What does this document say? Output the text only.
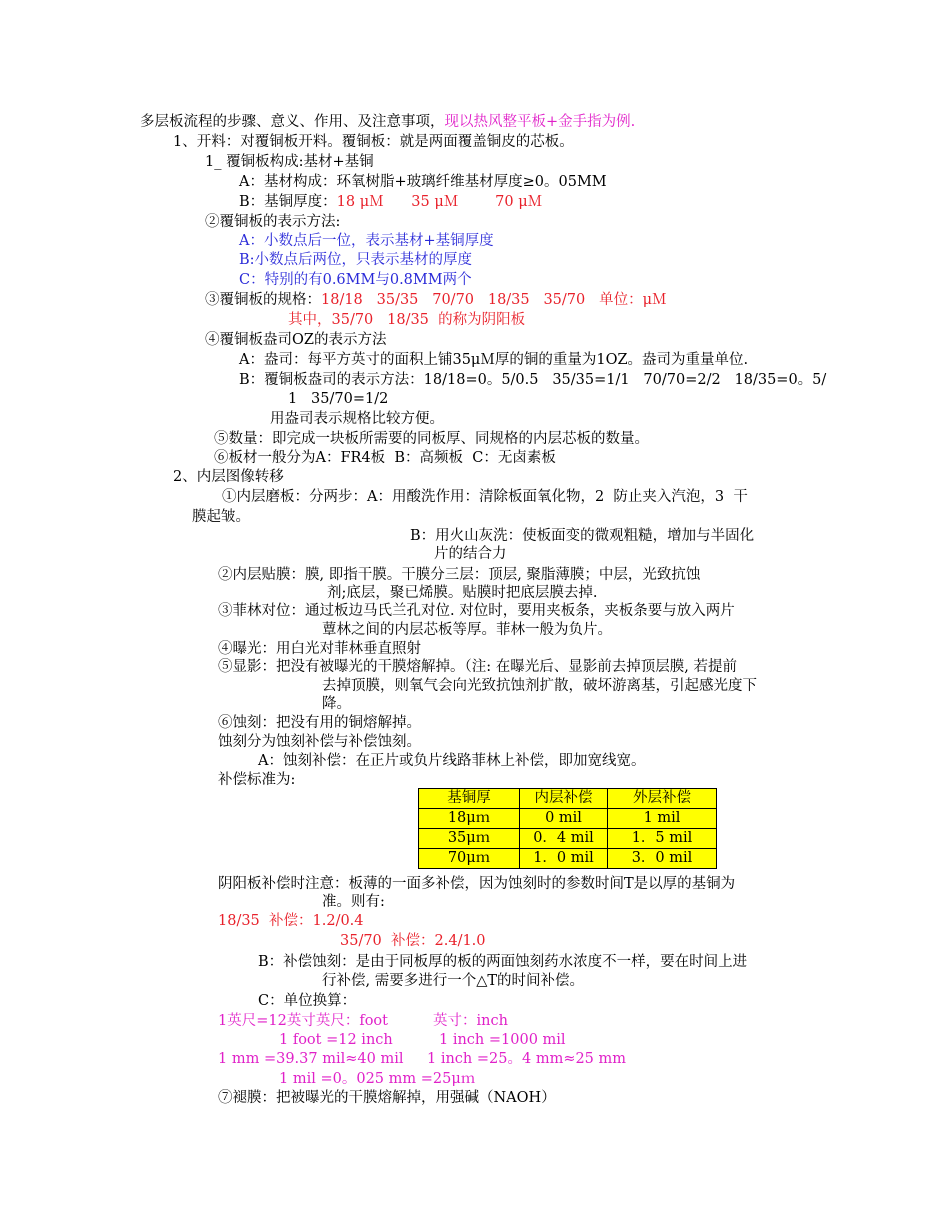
多层板流程的步骤、意义、作用、及注意事项，现以热风整平板+金手指为例.
1、开料：对覆铜板开料。覆铜板：就是两面覆盖铜皮的芯板。
1_ 覆铜板构成:基材+基铜
A：基材构成：环氧树脂+玻璃纤维基材厚度≥0。05MM
B：基铜厚度：18 μＭ      35 μＭ        70 μＭ
②覆铜板的表示方法:
A：小数点后一位，表示基材+基铜厚度
B:小数点后两位，只表示基材的厚度
C：特别的有0.6MM与0.8MM两个
③覆铜板的规格：18/18   35/35   70/70   18/35   35/70   单位：μＭ
其中，35/70   18/35  的称为阴阳板
④覆铜板盎司OZ的表示方法
A：盎司：每平方英寸的面积上铺35μＭ厚的铜的重量为1OZ。盎司为重量单位.
B：覆铜板盎司的表示方法：18/18=0。5/0.5   35/35=1/1   70/70=2/2   18/35=0。5/
1   35/70=1/2
用盎司表示规格比较方便。
⑤数量：即完成一块板所需要的同板厚、同规格的内层芯板的数量。
⑥板材一般分为A：FR4板  B：高频板  C：无卤素板
2、内层图像转移
①内层磨板：分两步：A：用酸洗作用：清除板面氧化物，2  防止夹入汽泡，3  干
膜起皱。
B：用火山灰洗：使板面变的微观粗糙，增加与半固化
片的结合力
②内层贴膜：膜, 即指干膜。干膜分三层：顶层, 聚脂薄膜；中层，光致抗蚀
剂;底层，聚已烯膜。贴膜时把底层膜去掉.
③菲林对位：通过板边马氏兰孔对位. 对位时，要用夹板条，夹板条要与放入两片
蕈林之间的内层芯板等厚。菲林一般为负片。
④曝光：用白光对菲林垂直照射
⑤显影：把没有被曝光的干膜熔解掉。（注: 在曝光后、显影前去掉顶层膜, 若提前
去掉顶膜，则氧气会向光致抗蚀剂扩散，破坏游离基，引起感光度下
降。
⑥蚀刻：把没有用的铜熔解掉。
蚀刻分为蚀刻补偿与补偿蚀刻。
A：蚀刻补偿：在正片或负片线路菲林上补偿，即加宽线宽。
补偿标准为:
基铜厚	内层补偿	外层补偿
18μｍ	0 mil	1 mil
35μｍ	0．4 mil	1．5 mil
70μｍ	1．0 mil	3．0 mil
阴阳板补偿时注意：板薄的一面多补偿，因为蚀刻时的参数时间T是以厚的基铜为
准。则有:
18/35  补偿：1.2/0.4
35/70  补偿：2.4/1.0
B：补偿蚀刻：是由于同板厚的板的两面蚀刻药水浓度不一样，要在时间上进
行补偿, 需要多进行一个△T的时间补偿。
C：单位换算：
1英尺=12英寸英尺：foot	英寸：inch
1 foot =12 inch	1 inch =1000 mil
1 mm =39.37 mil≈40 mil 1 inch =25。4 mm≈25 mm
1 mil =0。025 mm =25μｍ
⑦褪膜：把被曝光的干膜熔解掉，用强碱（NAOH）
